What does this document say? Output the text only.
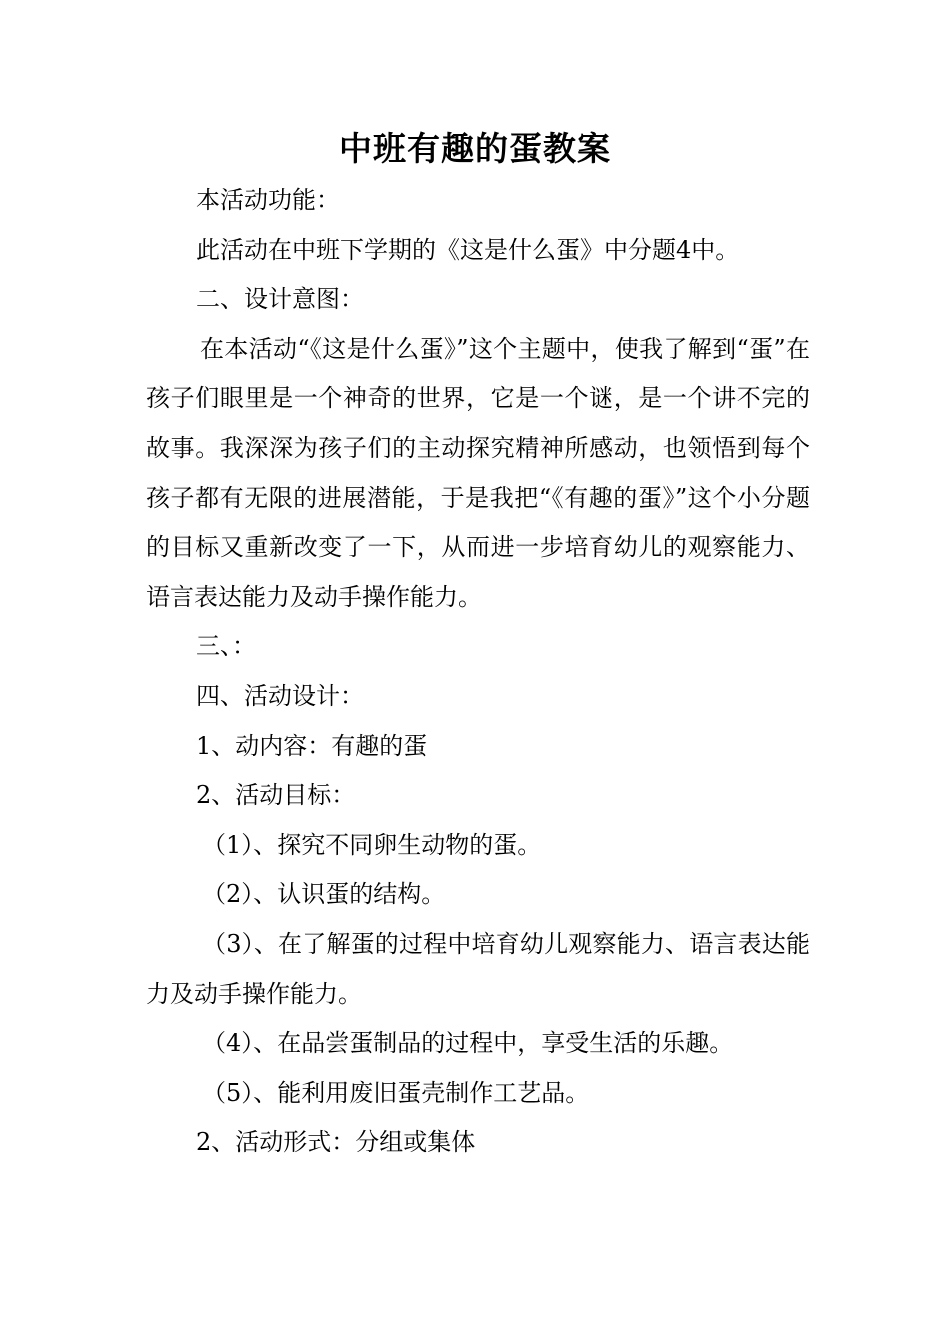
中班有趣的蛋教案

本活动功能：

此活动在中班下学期的《这是什么蛋》中分题4中。

二、设计意图：

在本活动“《这是什么蛋》”这个主题中，使我了解到“蛋”在孩子们眼里是一个神奇的世界，它是一个谜，是一个讲不完的故事。我深深为孩子们的主动探究精神所感动，也领悟到每个孩子都有无限的进展潜能，于是我把“《有趣的蛋》”这个小分题的目标又重新改变了一下，从而进一步培育幼儿的观察能力、语言表达能力及动手操作能力。

三、：

四、活动设计：

1、动内容：有趣的蛋

2、活动目标：

（1）、探究不同卵生动物的蛋。

（2）、认识蛋的结构。

（3）、在了解蛋的过程中培育幼儿观察能力、语言表达能力及动手操作能力。

（4）、在品尝蛋制品的过程中，享受生活的乐趣。

（5）、能利用废旧蛋壳制作工艺品。

2、活动形式：分组或集体
